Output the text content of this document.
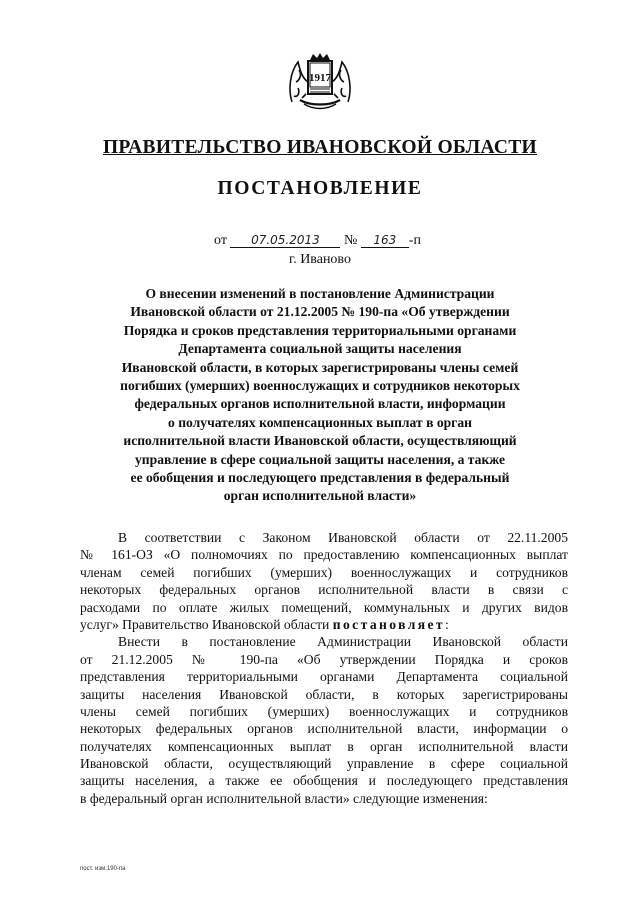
1917
ПРАВИТЕЛЬСТВО ИВАНОВСКОЙ ОБЛАСТИ
ПОСТАНОВЛЕНИЕ
от 07.05.2013 № 163 -п
г. Иваново
О внесении изменений в постановление Администрации
Ивановской области от 21.12.2005 № 190-па «Об утверждении
Порядка и сроков представления территориальными органами
Департамента социальной защиты населения
Ивановской области, в которых зарегистрированы члены семей
погибших (умерших) военнослужащих и сотрудников некоторых
федеральных органов исполнительной власти, информации
о получателях компенсационных выплат в орган
исполнительной власти Ивановской области, осуществляющий
управление в сфере социальной защиты населения, а также
ее обобщения и последующего представления в федеральный
орган исполнительной власти»
В соответствии с Законом Ивановской области от 22.11.2005
№ 161-ОЗ «О полномочиях по предоставлению компенсационных выплат
членам семей погибших (умерших) военнослужащих и сотрудников
некоторых федеральных органов исполнительной власти в связи с
расходами по оплате жилых помещений, коммунальных и других видов
услуг» Правительство Ивановской области постановляет:
Внести в постановление Администрации Ивановской области
от 21.12.2005 № 190-па «Об утверждении Порядка и сроков
представления территориальными органами Департамента социальной
защиты населения Ивановской области, в которых зарегистрированы
члены семей погибших (умерших) военнослужащих и сотрудников
некоторых федеральных органов исполнительной власти, информации о
получателях компенсационных выплат в орган исполнительной власти
Ивановской области, осуществляющий управление в сфере социальной
защиты населения, а также ее обобщения и последующего представления
в федеральный орган исполнительной власти» следующие изменения:
пост. изм.190-па
